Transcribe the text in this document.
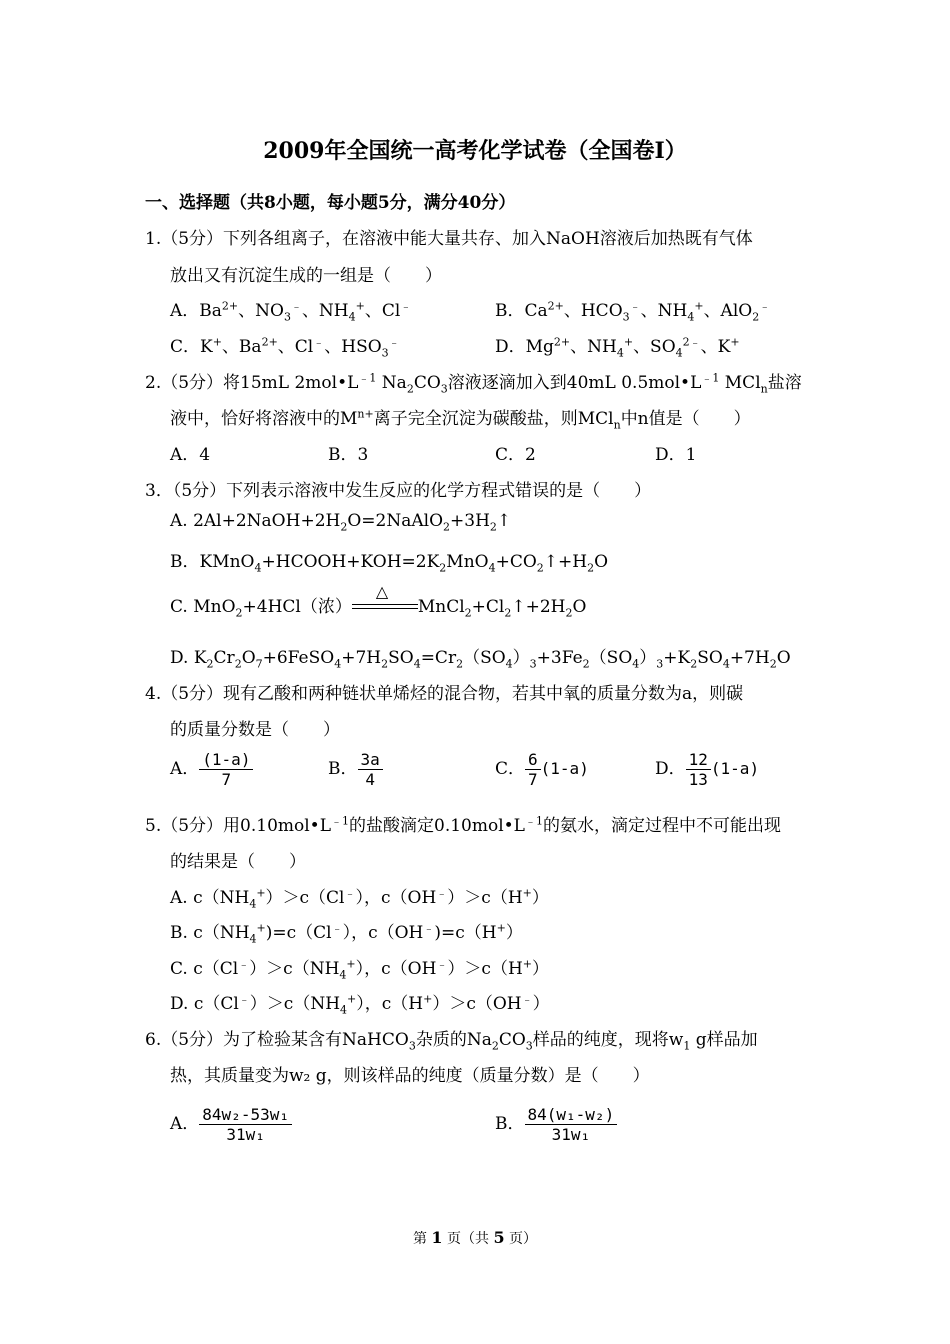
2009年全国统一高考化学试卷（全国卷Ⅰ）
一、选择题（共8小题，每小题5分，满分40分）
1.（5分）下列各组离子，在溶液中能大量共存、加入NaOH溶液后加热既有气体
放出又有沉淀生成的一组是（　　）
A．$Ba^{2+}$、$NO_3^﹣$、$NH_4^+$、Cl﹣	B．$Ca^{2+}$、$HCO_3^﹣$、$NH_4^+$、AlO$_2$﹣
C．K+、$Ba^{2+}$、Cl﹣、$HSO_3^﹣$	D．$Mg^{2+}$、$NH_4^+$、$SO_4^{2﹣}$、K+
2.（5分）将15mL $2mol•L^{﹣1}$ $Na_2CO_3$溶液逐滴加入到40mL $0.5mol•L^{﹣1}$ MCl$_n$盐溶
液中，恰好将溶液中的$M^{n+}$离子完全沉淀为碳酸盐，则MCl$_n$中n值是（　　）
A．4	B．3	C．2	D．1
3．（5分）下列表示溶液中发生反应的化学方程式错误的是（　　）
A. $2Al+2NaOH+2H_2O=2NaAlO_2+3H_2↑$
B．$KMnO_4+HCOOH+KOH=2K_2MnO_4+CO_2↑+H_2O$
C. MnO$_2$+4HCl（浓）
△
$MnCl_2+Cl_2↑+2H_2O$
D. $K_2Cr_2O_7+6FeSO_4+7H_2SO_4=Cr_2(SO_4)_3+3Fe_2(SO_4)_3+K_2SO_4+7H_2O$
4.（5分）现有乙酸和两种链状单烯烃的混合物，若其中氧的质量分数为a，则碳
的质量分数是（　　）
A． $\frac{(1-a)}{7}$	B． $\frac{3a}{4}$	C． $\frac{6}{7} (1-a)$	D． $\frac{12}{13} (1-a)$
5.（5分）用$0.10mol•L^{﹣1}$的盐酸滴定$0.10mol•L^{﹣1}$的氨水，滴定过程中不可能出现
的结果是（　　）
A. $c(NH_4^+)>c(Cl^﹣)$，c（OH﹣）＞c（H+）
B. $c(NH_4^+)=c(Cl^﹣)$，c（OH﹣)=c（H+）
C. $c(Cl^﹣)>c(NH_4^+)$，c（OH﹣）＞c（H+）
D. $c(Cl^﹣)>c(NH_4^+)$，c（H+）＞c（OH﹣）
6.（5分）为了检验某含有NaHCO$_3$杂质的$Na_2CO_3$样品的纯度，现将$w_1$ g样品加
热，其质量变为w₂ g，则该样品的纯度（质量分数）是（　　）
A． $\frac{\text{84w₂-53w₁}}{\text{31w₁}}$	B． $\frac{\text{84(w₁-w₂)}}{\text{31w₁}}$
第 1 页（共 5 页）
